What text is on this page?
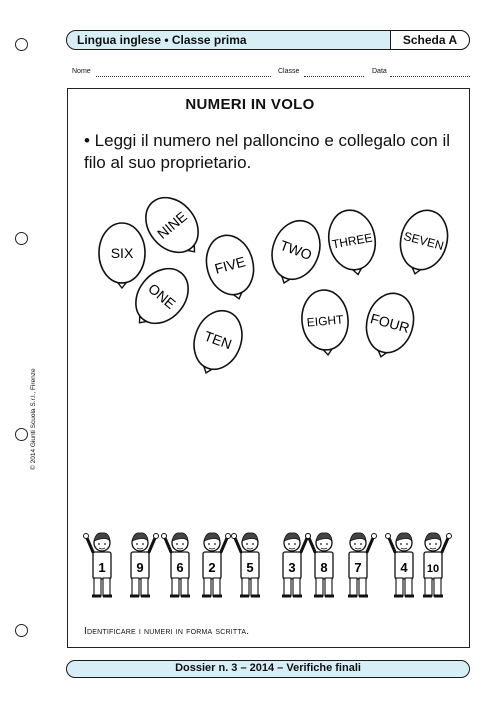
Lingua inglese • Classe prima	Scheda A
Nome	Classe	Data
NUMERI IN VOLO
• Leggi il numero nel palloncino e collegalo con il filo al suo proprietario.
SIX
NINE
ONE
FIVE
TWO THREE SEVEN
TEN
EIGHT FOUR
1 9	6 2 5	3 8 7	4 10
© 2014 Giunti Scuola S.r.l., Firenze
Identificare i numeri in forma scritta.
Dossier n. 3 – 2014 – Verifiche finali
